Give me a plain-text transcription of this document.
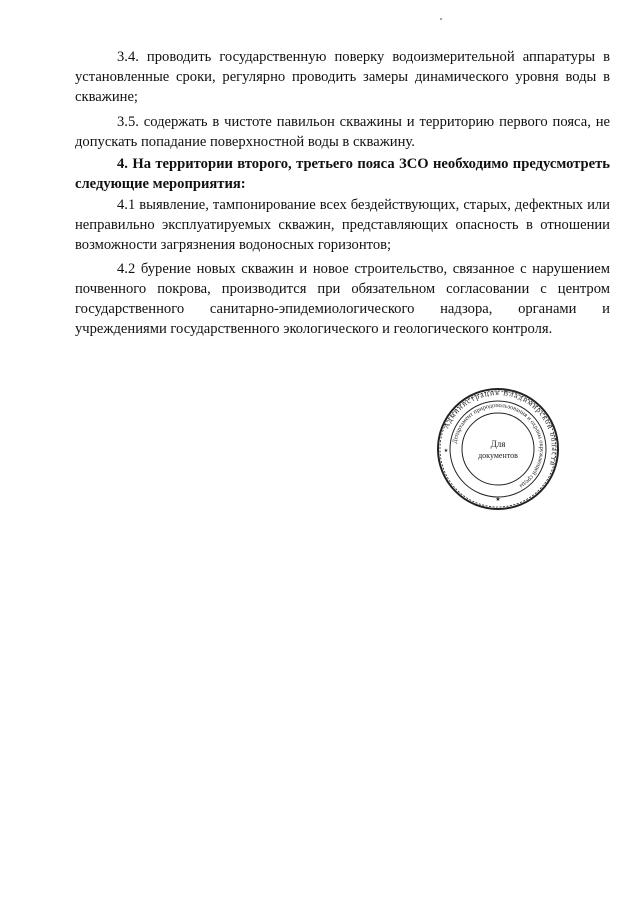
3.4. проводить государственную поверку водоизмерительной аппаратуры в установленные сроки, регулярно проводить замеры динамического уровня воды в скважине;

3.5. содержать в чистоте павильон скважины и территорию первого пояса, не допускать попадание поверхностной воды в скважину.

4. На территории второго, третьего пояса ЗСО необходимо предусмотреть следующие мероприятия:

4.1 выявление, тампонирование всех бездействующих, старых, дефектных или неправильно эксплуатируемых скважин, представляющих опасность в отношении возможности загрязнения водоносных горизонтов;

4.2 бурение новых скважин и новое строительство, связанное с нарушением почвенного покрова, производится при обязательном согласовании с центром государственного санитарно-эпидемиологического надзора, органами и учреждениями государственного экологического и геологического контроля.

Администрация Владимирской области
Департамент природопользования и охраны окружающей среды
Для
документов
★
★
